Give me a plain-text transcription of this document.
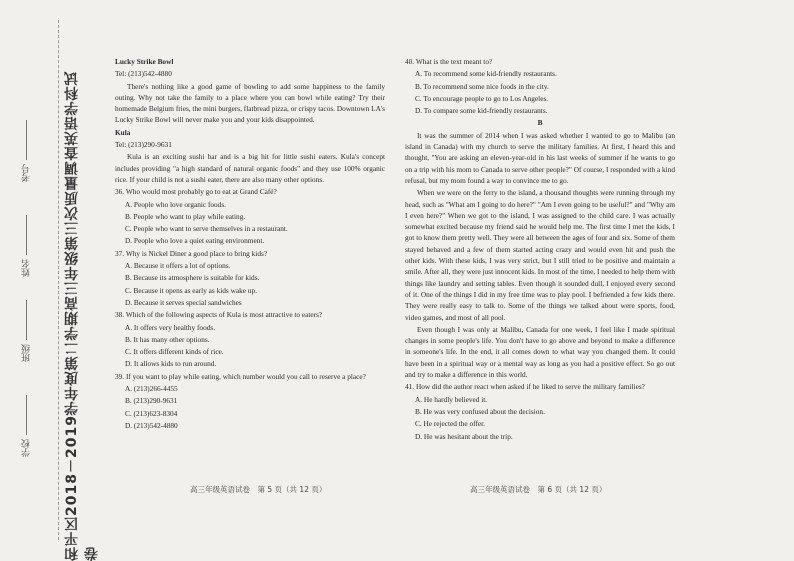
和平区2018－2019学年度第二学期高三年级第三次质量调查英语学科试卷
学校
班级
姓名
考号

Lucky Strike Bowl

Tel: (213)542-4880

There's nothing like a good game of bowling to add some happiness to the family outing. Why not take the family to a place where you can bowl while eating? Try their homemade Belgium fries, the mini burgers, flatbread pizza, or crispy tacos. Downtown LA's Lucky Strike Bowl will never make you and your kids disappointed.

Kula

Tel: (213)290-9631

Kula is an exciting sushi bar and is a big hit for little sushi eaters. Kula's concept includes providing "a high standard of natural organic foods" and they use 100% organic rice. If your child is not a sushi eater, there are also many other options.

36. Who would most probably go to eat at Grand Café?

A. People who love organic foods.

B. People who want to play while eating.

C. People who want to serve themselves in a restaurant.

D. People who love a quiet eating environment.

37. Why is Nickel Diner a good place to bring kids?

A. Because it offers a lot of options.

B. Because its atmosphere is suitable for kids.

C. Because it opens as early as kids wake up.

D. Because it serves special sandwiches

38. Which of the following aspects of Kula is most attractive to eaters?

A. It offers very healthy foods.

B. It has many other options.

C. It offers different kinds of rice.

D. It allows kids to run around.

39. If you want to play while eating, which number would you call to reserve a place?

A. (213)266-4455

B. (213)290-9631

C. (213)623-8304

D. (213)542-4880

40. What is the text meant to?

A. To recommend some kid-friendly restaurants.

B. To recommend some nice foods in the city.

C. To encourage people to go to Los Angeles.

D. To compare some kid-friendly restaurants.

B

It was the summer of 2014 when I was asked whether I wanted to go to Malibu (an island in Canada) with my church to serve the military families. At first, I heard this and thought, "You are asking an eleven-year-old in his last weeks of summer if he wants to go on a trip with his mom to Canada to serve other people?" Of course, I responded with a kind refusal, but my mom found a way to convince me to go.

When we were on the ferry to the island, a thousand thoughts were running through my head, such as "What am I going to do here?" "Am I even going to be useful?" and "Why am I even here?" When we got to the island, I was assigned to the child care. I was actually somewhat excited because my friend said he would help me. The first time I met the kids, I got to know them pretty well. They were all between the ages of four and six. Some of them stayed behaved and a few of them started acting crazy and would even hit and push the other kids. With these kids, I was very strict, but I still tried to be positive and maintain a smile. After all, they were just innocent kids. In most of the time, I needed to help them with things like laundry and setting tables. Even though it sounded dull, I enjoyed every second of it. One of the things I did in my free time was to play pool. I befriended a few kids there. They were really easy to talk to. Some of the things we talked about were sports, food, video games, and most of all pool.

Even though I was only at Malibu, Canada for one week, I feel like I made spiritual changes in some people's life. You don't have to go above and beyond to make a difference in someone's life. In the end, it all comes down to what way you changed them. It could have been in a spiritual way or a mental way as long as you had a positive effect. So go out and try to make a difference in this world.

41. How did the author react when asked if he liked to serve the military families?

A. He hardly believed it.

B. He was very confused about the decision.

C. He rejected the offer.

D. He was hesitant about the trip.

高三年级英语试卷　第 5 页（共 12 页）	高三年级英语试卷　第 6 页（共 12 页）
